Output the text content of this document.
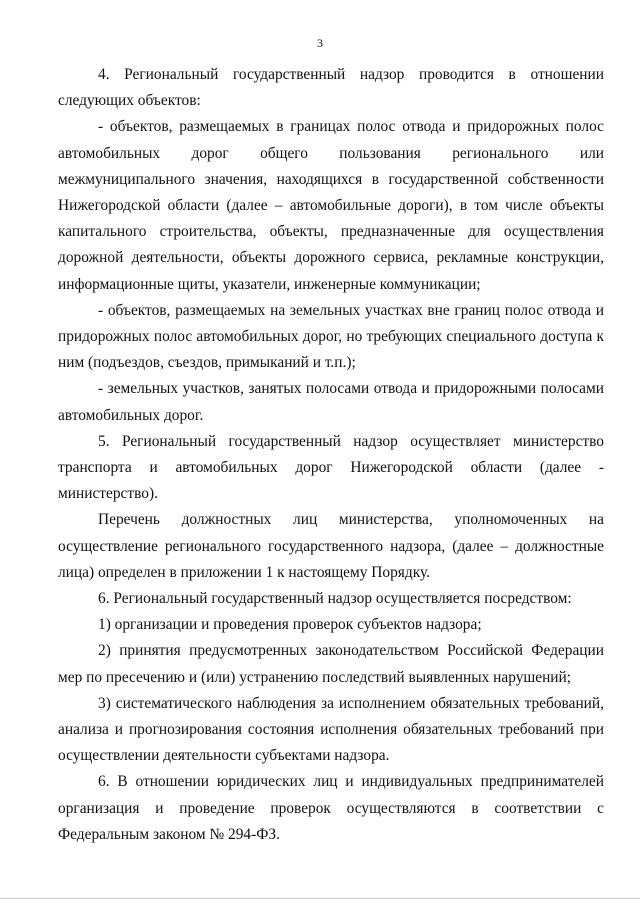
3

4. Региональный государственный надзор проводится в отношении следующих объектов:

- объектов, размещаемых в границах полос отвода и придорожных полос автомобильных дорог общего пользования регионального или межмуниципального значения, находящихся в государственной собственности Нижегородской области (далее – автомобильные дороги), в том числе объекты капитального строительства, объекты, предназначенные для осуществления дорожной деятельности, объекты дорожного сервиса, рекламные конструкции, информационные щиты, указатели, инженерные коммуникации;

- объектов, размещаемых на земельных участках вне границ полос отвода и придорожных полос автомобильных дорог, но требующих специального доступа к ним (подъездов, съездов, примыканий и т.п.);

- земельных участков, занятых полосами отвода и придорожными полосами автомобильных дорог.

5. Региональный государственный надзор осуществляет министерство транспорта и автомобильных дорог Нижегородской области (далее - министерство).

Перечень должностных лиц министерства, уполномоченных на осуществление регионального государственного надзора, (далее – должностные лица) определен в приложении 1 к настоящему Порядку.

6. Региональный государственный надзор осуществляется посредством:

1) организации и проведения проверок субъектов надзора;

2) принятия предусмотренных законодательством Российской Федерации мер по пресечению и (или) устранению последствий выявленных нарушений;

3) систематического наблюдения за исполнением обязательных требований, анализа и прогнозирования состояния исполнения обязательных требований при осуществлении деятельности субъектами надзора.

6. В отношении юридических лиц и индивидуальных предпринимателей организация и проведение проверок осуществляются в соответствии с Федеральным законом № 294-ФЗ.
